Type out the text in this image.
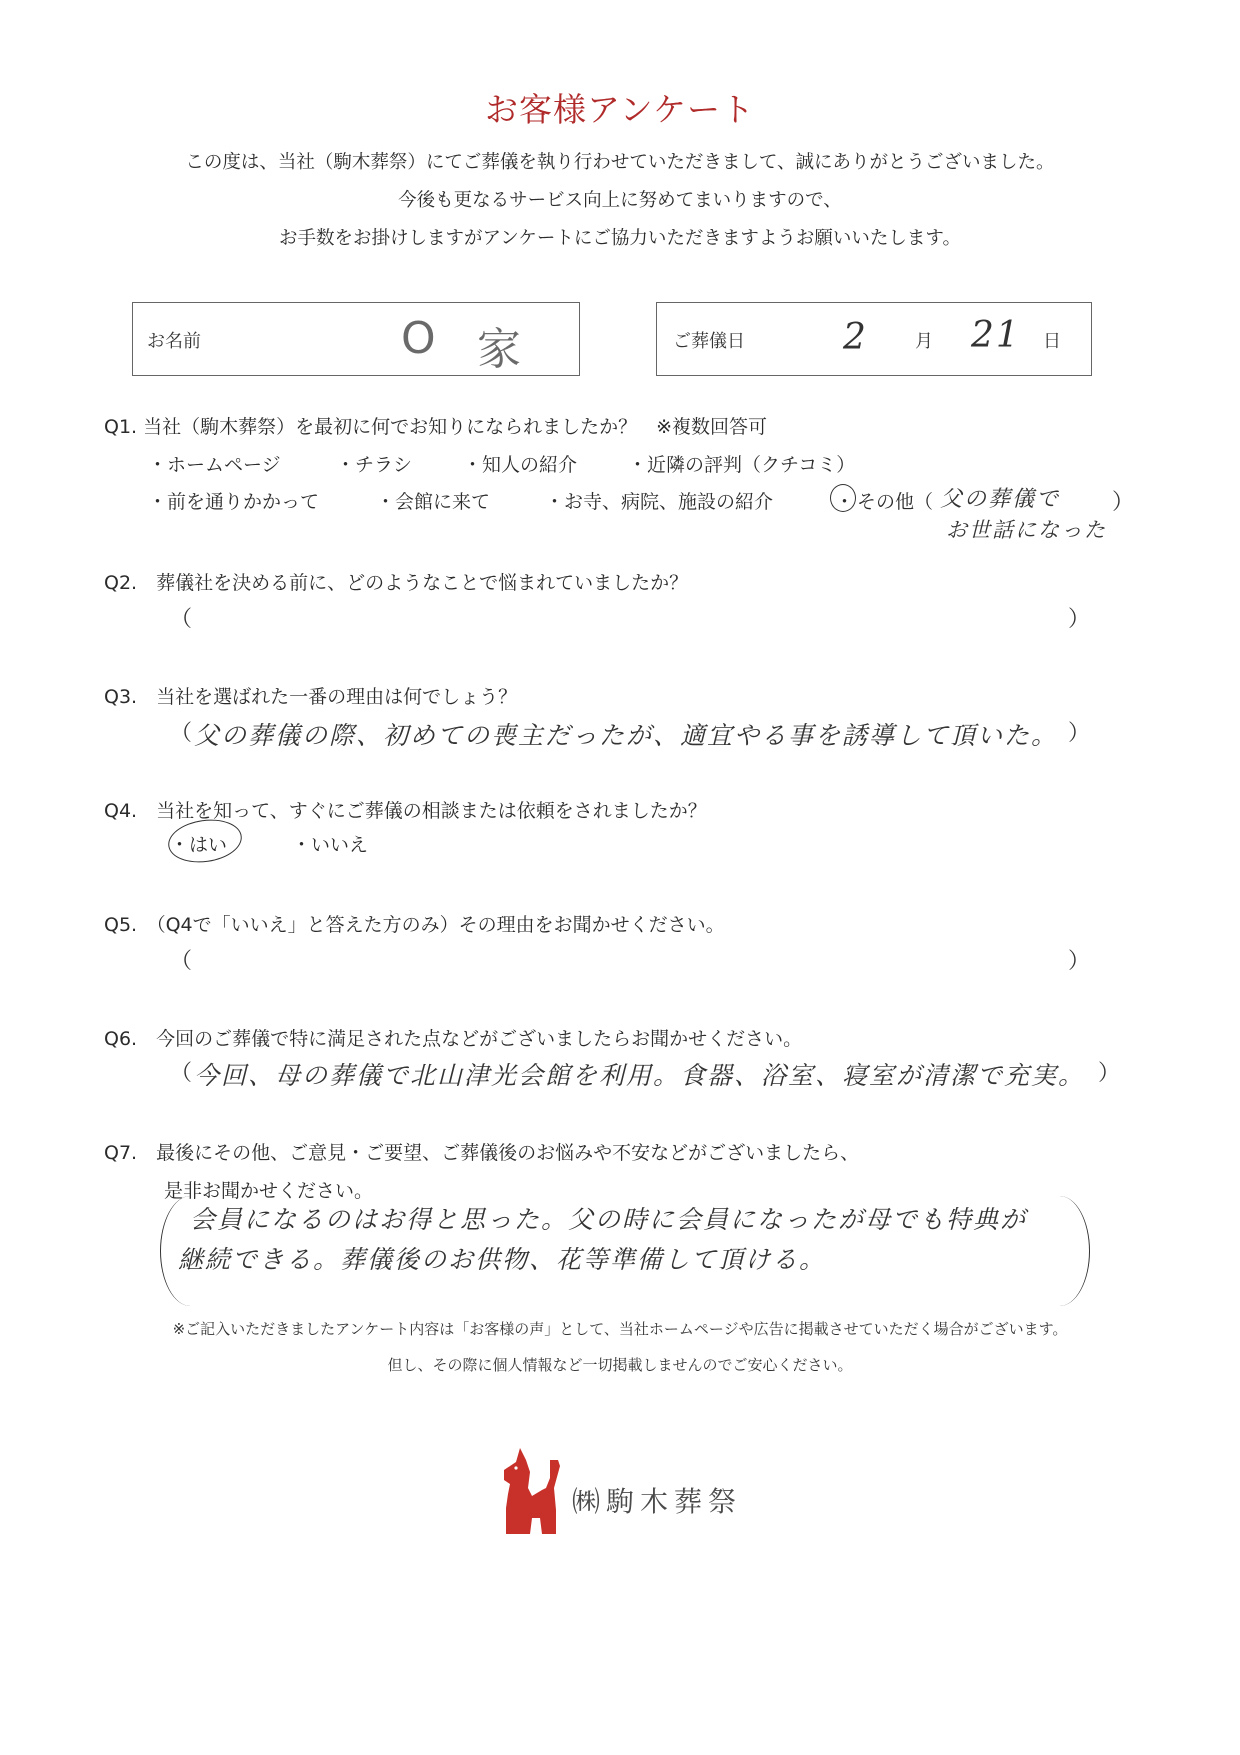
お客様アンケート
この度は、当社（駒木葬祭）にてご葬儀を執り行わせていただきまして、誠にありがとうございました。
今後も更なるサービス向上に努めてまいりますので、
お手数をお掛けしますがアンケートにご協力いただきますようお願いいたします。
お名前	O 家	ご葬儀日	2	月 21 日
Q1. 当社（駒木葬祭）を最初に何でお知りになられましたか？　※複数回答可
・ホームページ	・チラシ	・知人の紹介	・近隣の評判（クチコミ）
・前を通りかかって	・会館に来て	・お寺、病院、施設の紹介	・ その他（ 父の葬儀で ）
お世話になった
Q2.　葬儀社を決める前に、どのようなことで悩まれていましたか？
（	）
Q3.　当社を選ばれた一番の理由は何でしょう？
（ 父の葬儀の際、初めての喪主だったが、適宜やる事を誘導して頂いた。 ）
Q4.　当社を知って、すぐにご葬儀の相談または依頼をされましたか？
・はい	・いいえ
Q5.　（Q4で「いいえ」と答えた方のみ）その理由をお聞かせください。
（	）
Q6.　今回のご葬儀で特に満足された点などがございましたらお聞かせください。
（ 今回、母の葬儀で北山津光会館を利用。食器、浴室、寝室が清潔で充実。 ）
Q7.　最後にその他、ご意見・ご要望、ご葬儀後のお悩みや不安などがございましたら、
是非お聞かせください。
会員になるのはお得と思った。父の時に会員になったが母でも特典が
継続できる。葬儀後のお供物、花等準備して頂ける。
※ご記入いただきましたアンケート内容は「お客様の声」として、当社ホームページや広告に掲載させていただく場合がございます。
但し、その際に個人情報など一切掲載しませんのでご安心ください。
㈱駒木葬祭
